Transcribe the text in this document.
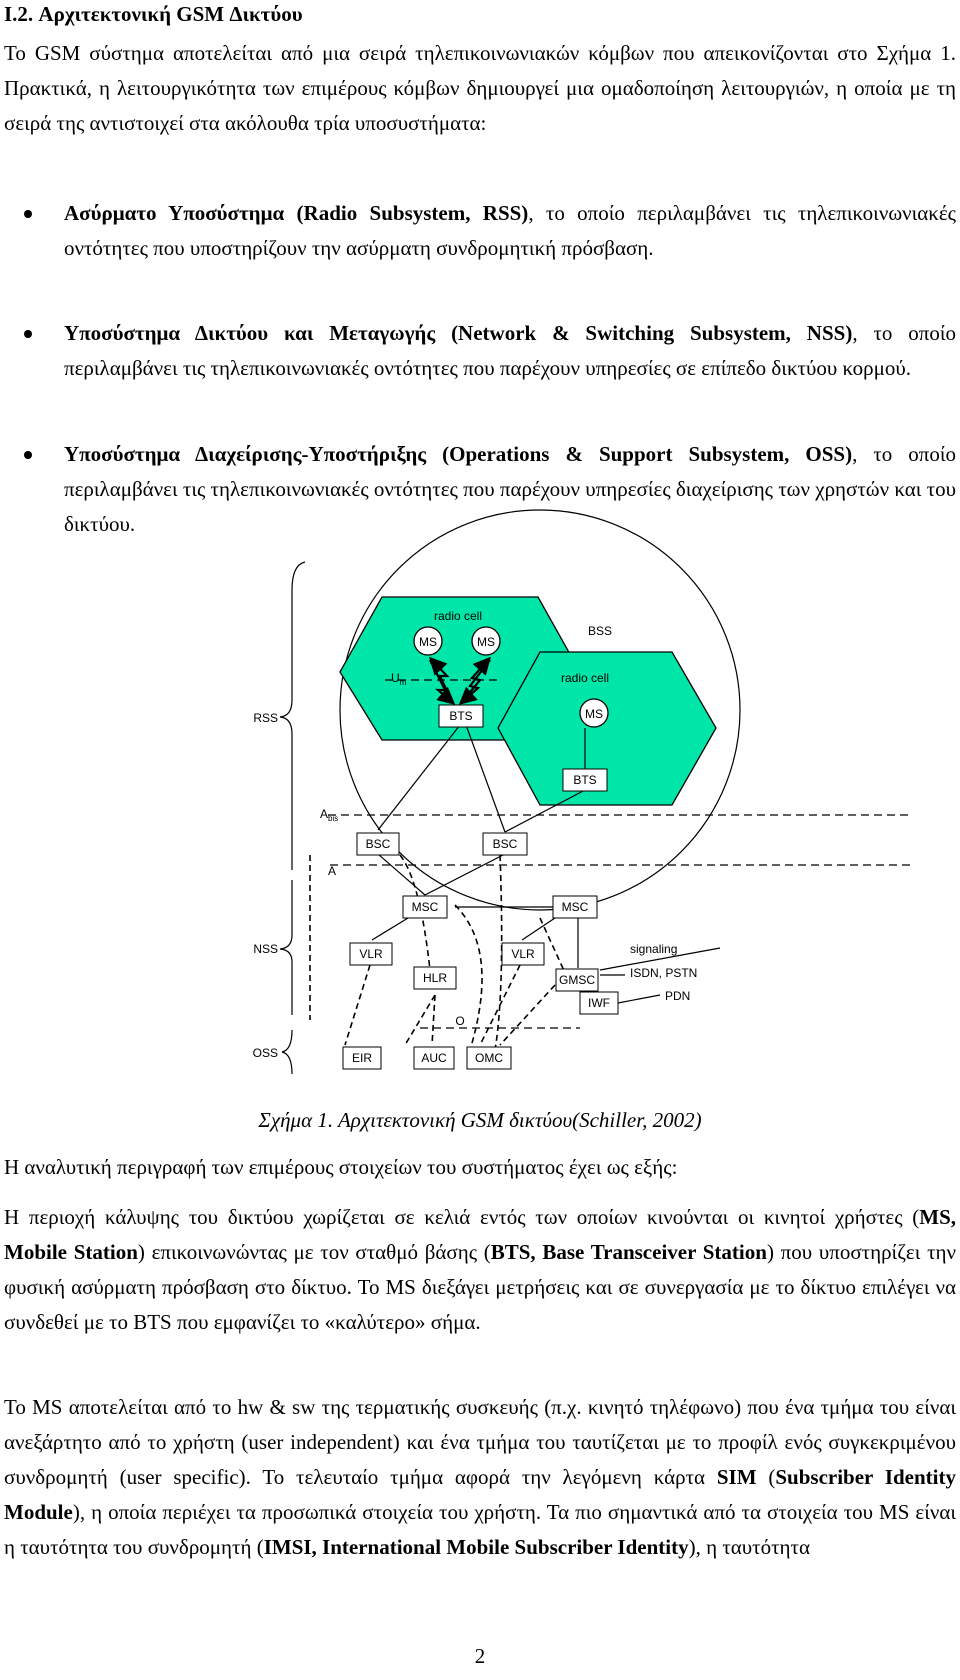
I.2. Αρχιτεκτονική GSM Δικτύου
Το GSM σύστημα αποτελείται από μια σειρά τηλεπικοινωνιακών κόμβων που απεικονίζονται στο Σχήμα 1. Πρακτικά, η λειτουργικότητα των επιμέρους κόμβων δημιουργεί μια ομαδοποίηση λειτουργιών, η οποία με τη σειρά της αντιστοιχεί στα ακόλουθα τρία υποσυστήματα:
Ασύρματο Υποσύστημα (Radio Subsystem, RSS), το οποίο περιλαμβάνει τις τηλεπικοινωνιακές οντότητες που υποστηρίζουν την ασύρματη συνδρομητική πρόσβαση.
Υποσύστημα Δικτύου και Μεταγωγής (Network & Switching Subsystem, NSS), το οποίο περιλαμβάνει τις τηλεπικοινωνιακές οντότητες που παρέχουν υπηρεσίες σε επίπεδο δικτύου κορμού.
Υποσύστημα Διαχείρισης-Υποστήριξης (Operations & Support Subsystem, OSS), το οποίο περιλαμβάνει τις τηλεπικοινωνιακές οντότητες που παρέχουν υπηρεσίες διαχείρισης των χρηστών και του δικτύου.
radio cell
radio cell
BSS
MS	MS
MS
$U_m$
BTS
BTS
RSS
NSS
OSS
$A_{bis}$
A
BSC	BSC
MSC	MSC
VLR	VLR
HLR	GMSC
IWF
EIR	AUC OMC
O
signaling
ISDN, PSTN
PDN
Σχήμα 1. Αρχιτεκτονική GSM δικτύου(Schiller, 2002)
Η αναλυτική περιγραφή των επιμέρους στοιχείων του συστήματος έχει ως εξής:
Η περιοχή κάλυψης του δικτύου χωρίζεται σε κελιά εντός των οποίων κινούνται οι κινητοί χρήστες (MS, Mobile Station) επικοινωνώντας με τον σταθμό βάσης (BTS, Base Transceiver Station) που υποστηρίζει την φυσική ασύρματη πρόσβαση στο δίκτυο. Το MS διεξάγει μετρήσεις και σε συνεργασία με το δίκτυο επιλέγει να συνδεθεί με το BTS που εμφανίζει το «καλύτερο» σήμα.
Το MS αποτελείται από το hw & sw της τερματικής συσκευής (π.χ. κινητό τηλέφωνο) που ένα τμήμα του είναι ανεξάρτητο από το χρήστη (user independent) και ένα τμήμα του ταυτίζεται με το προφίλ ενός συγκεκριμένου συνδρομητή (user specific). Το τελευταίο τμήμα αφορά την λεγόμενη κάρτα SIM (Subscriber Identity Module), η οποία περιέχει τα προσωπικά στοιχεία του χρήστη. Τα πιο σημαντικά από τα στοιχεία του MS είναι η ταυτότητα του συνδρομητή (IMSI, International Mobile Subscriber Identity), η ταυτότητα
2
